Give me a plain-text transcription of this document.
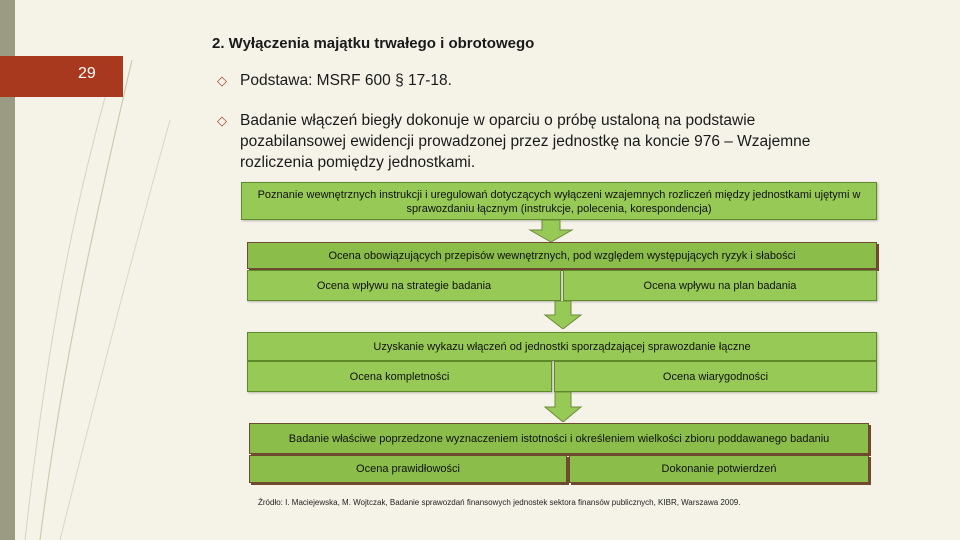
29
2. Wyłączenia majątku trwałego i obrotowego
◇ Podstawa: MSRF 600 § 17-18.
◇ Badanie włączeń biegły dokonuje w oparciu o próbę ustaloną na podstawie pozabilansowej ewidencji prowadzonej przez jednostkę na koncie 976 – Wzajemne rozliczenia pomiędzy jednostkami.
Poznanie wewnętrznych instrukcji i uregulowań dotyczących wyłączeni wzajemnych rozliczeń między jednostkami ujętymi w sprawozdaniu łącznym (instrukcje, polecenia, korespondencja)
Ocena obowiązujących przepisów wewnętrznych, pod względem występujących ryzyk i słabości
Ocena wpływu na strategie badania	Ocena wpływu na plan badania
Uzyskanie wykazu włączeń od jednostki sporządzającej sprawozdanie łączne
Ocena kompletności	Ocena wiarygodności
Badanie właściwe poprzedzone wyznaczeniem istotności i określeniem wielkości zbioru poddawanego badaniu
Ocena prawidłowości	Dokonanie potwierdzeń
Źródło: I. Maciejewska, M. Wojtczak, Badanie sprawozdań finansowych jednostek sektora finansów publicznych, KIBR, Warszawa 2009.
